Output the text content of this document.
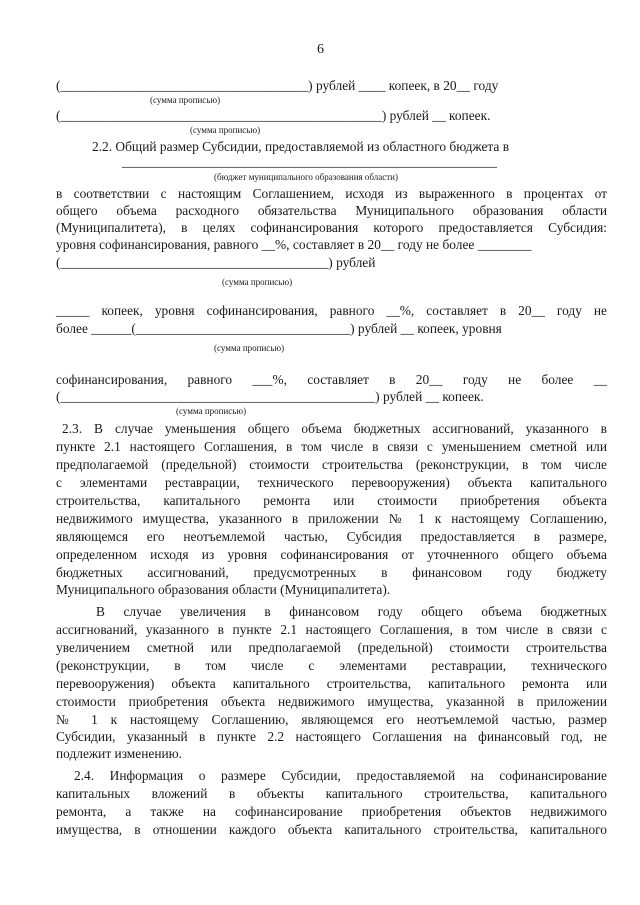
6
(_____________________________________) рублей ____ копеек, в 20__ году
(сумма прописью)
(________________________________________________) рублей __ копеек.
(сумма прописью)
2.2. Общий размер Субсидии, предоставляемой из областного бюджета в
________________________________________________________
(бюджет муниципального образования области)
в соответствии с настоящим Соглашением, исходя из выраженного в процентах от
общего объема расходного обязательства Муниципального образования области
(Муниципалитета), в целях софинансирования которого предоставляется Субсидия:
уровня софинансирования, равного __%, составляет в 20__ году не более ________
(________________________________________) рублей
(сумма прописью)
_____ копеек, уровня софинансирования, равного __%, составляет в 20__ году не
более ______(________________________________) рублей __ копеек, уровня
(сумма прописью)
софинансирования, равного ___%, составляет в 20__ году не более __
(_______________________________________________) рублей __ копеек.
(сумма прописью)
2.3. В случае уменьшения общего объема бюджетных ассигнований, указанного в
пункте 2.1 настоящего Соглашения, в том числе в связи с уменьшением сметной или
предполагаемой (предельной) стоимости строительства (реконструкции, в том числе
с элементами реставрации, технического перевооружения) объекта капитального
строительства, капитального ремонта или стоимости приобретения объекта
недвижимого имущества, указанного в приложении № 1 к настоящему Соглашению,
являющемся его неотъемлемой частью, Субсидия предоставляется в размере,
определенном исходя из уровня софинансирования от уточненного общего объема
бюджетных ассигнований, предусмотренных в финансовом году бюджету
Муниципального образования области (Муниципалитета).
В случае увеличения в финансовом году общего объема бюджетных
ассигнований, указанного в пункте 2.1 настоящего Соглашения, в том числе в связи с
увеличением сметной или предполагаемой (предельной) стоимости строительства
(реконструкции, в том числе с элементами реставрации, технического
перевооружения) объекта капитального строительства, капитального ремонта или
стоимости приобретения объекта недвижимого имущества, указанной в приложении
№ 1 к настоящему Соглашению, являющемся его неотъемлемой частью, размер
Субсидии, указанный в пункте 2.2 настоящего Соглашения на финансовый год, не
подлежит изменению.
2.4. Информация о размере Субсидии, предоставляемой на софинансирование
капитальных вложений в объекты капитального строительства, капитального
ремонта, а также на софинансирование приобретения объектов недвижимого
имущества, в отношении каждого объекта капитального строительства, капитального
